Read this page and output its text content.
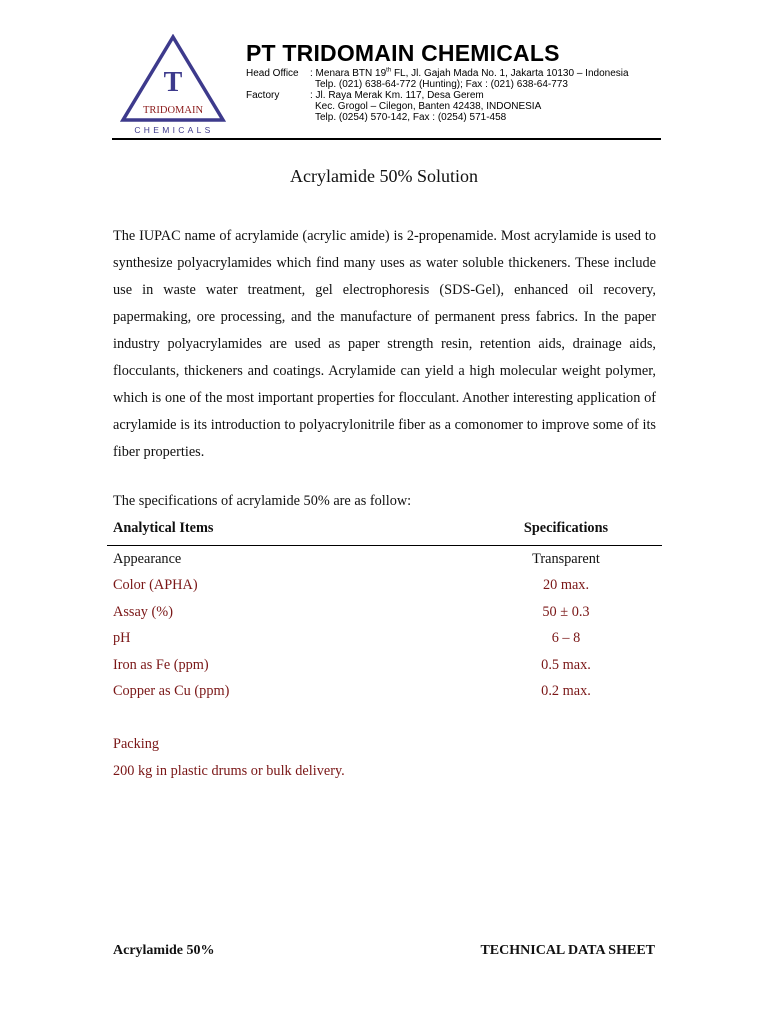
T
TRIDOMAIN
CHEMICALS
PT TRIDOMAIN CHEMICALS
Head Office	: Menara BTN 19th FL, Jl. Gajah Mada No. 1, Jakarta 10130 – Indonesia
Telp. (021) 638-64-772 (Hunting); Fax : (021) 638-64-773
Factory	: Jl. Raya Merak Km. 117, Desa Gerem
Kec. Grogol – Cilegon, Banten 42438, INDONESIA
Telp. (0254) 570-142, Fax : (0254) 571-458
Acrylamide 50% Solution

The IUPAC name of acrylamide (acrylic amide) is 2-propenamide. Most acrylamide is used to synthesize polyacrylamides which find many uses as water soluble thickeners. These include use in waste water treatment, gel electrophoresis (SDS-Gel), enhanced oil recovery, papermaking, ore processing, and the manufacture of permanent press fabrics. In the paper industry polyacrylamides are used as paper strength resin, retention aids, drainage aids, flocculants, thickeners and coatings. Acrylamide can yield a high molecular weight polymer, which is one of the most important properties for flocculant. Another interesting application of acrylamide is its introduction to polyacrylonitrile fiber as a comonomer to improve some of its fiber properties.

The specifications of acrylamide 50% are as follow:

Analytical Items	Specifications
Appearance	Transparent
Color (APHA)	20 max.
Assay (%)	50 ± 0.3
pH	6 – 8
Iron as Fe (ppm)	0.5 max.
Copper as Cu (ppm)	0.2 max.

Packing

200 kg in plastic drums or bulk delivery.

Acrylamide 50%	TECHNICAL DATA SHEET
